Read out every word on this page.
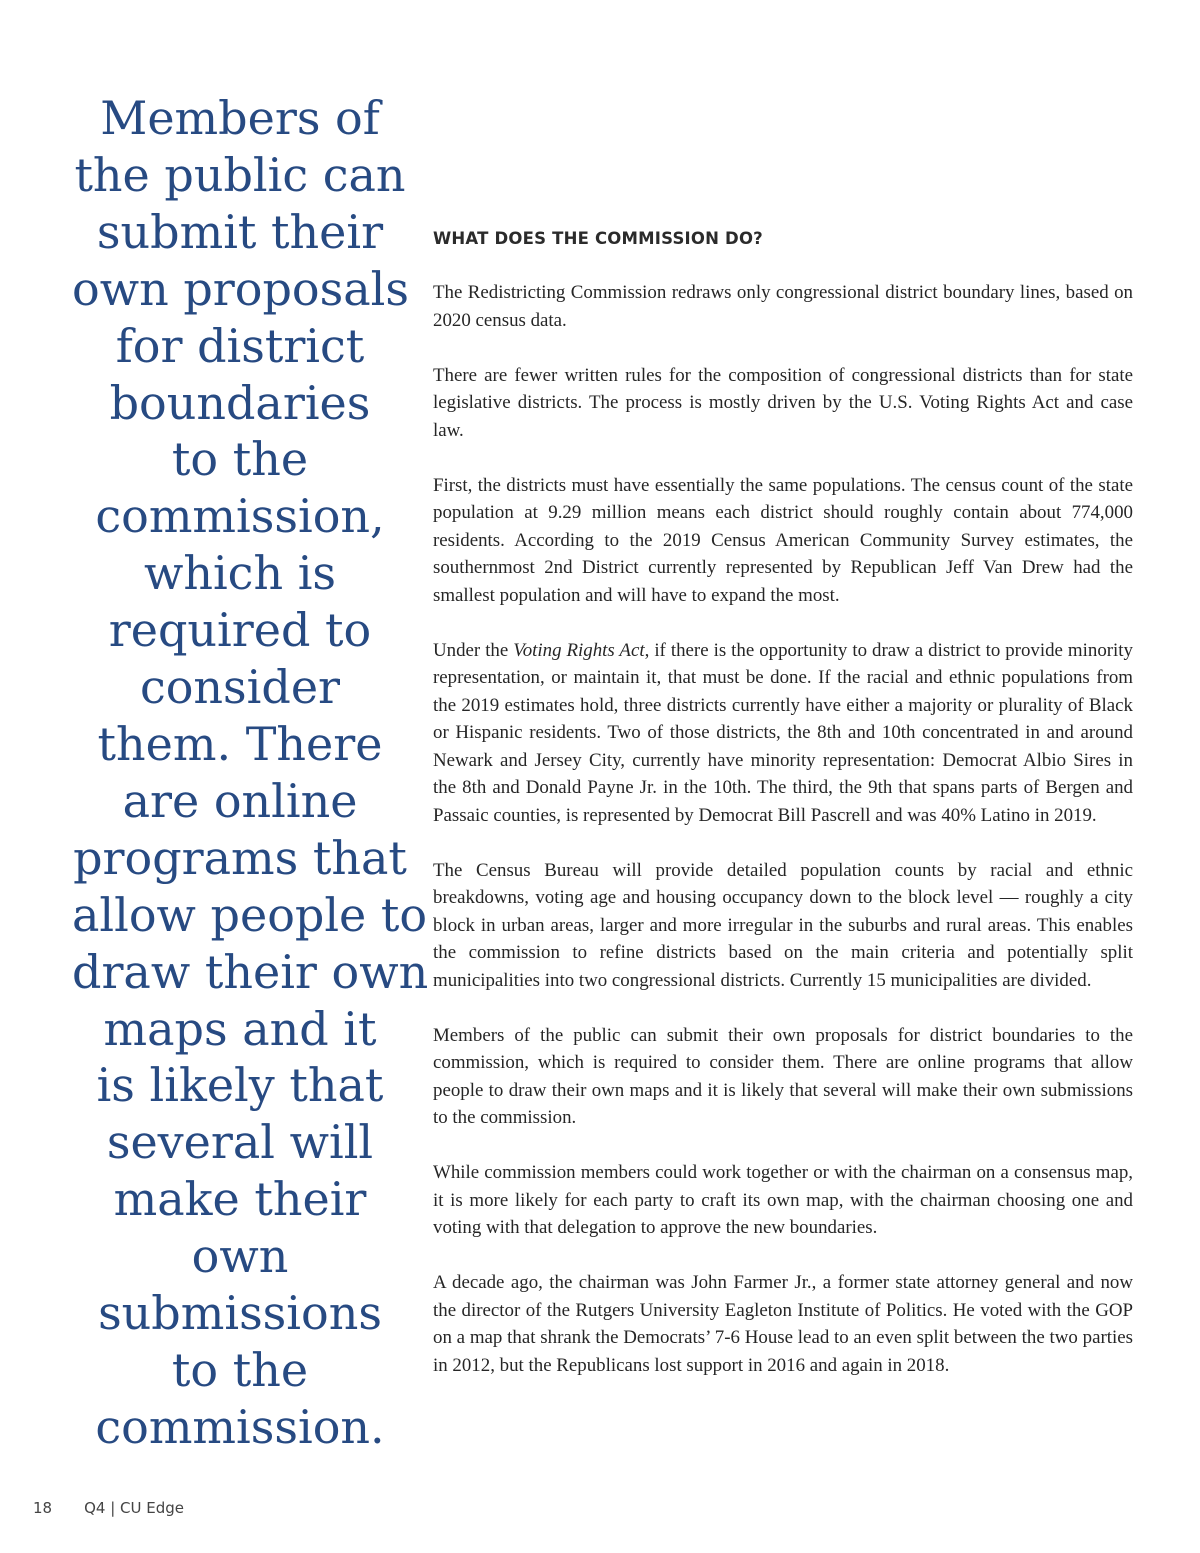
Members of
the public can
submit their
own proposals
for district
boundaries
to the
commission,
which is
required to
consider
them. There
are online
programs that
allow people to
draw their own
maps and it
is likely that
several will
make their
own
submissions
to the
commission.
WHAT DOES THE COMMISSION DO?

The Redistricting Commission redraws only congressional district boundary lines, based on 2020 census data.

There are fewer written rules for the composition of congressional districts than for state legislative districts. The process is mostly driven by the U.S. Voting Rights Act and case law.

First, the districts must have essentially the same populations. The census count of the state population at 9.29 million means each district should roughly contain about 774,000 residents. According to the 2019 Census American Community Survey estimates, the southernmost 2nd District currently represented by Republican Jeff Van Drew had the smallest population and will have to expand the most.

Under the Voting Rights Act, if there is the opportunity to draw a district to provide minority representation, or maintain it, that must be done. If the racial and ethnic populations from the 2019 estimates hold, three districts currently have either a majority or plurality of Black or Hispanic residents. Two of those districts, the 8th and 10th concentrated in and around Newark and Jersey City, currently have minority representation: Democrat Albio Sires in the 8th and Donald Payne Jr. in the 10th. The third, the 9th that spans parts of Bergen and Passaic counties, is represented by Democrat Bill Pascrell and was 40% Latino in 2019.

The Census Bureau will provide detailed population counts by racial and ethnic breakdowns, voting age and housing occupancy down to the block level — roughly a city block in urban areas, larger and more irregular in the suburbs and rural areas. This enables the commission to refine districts based on the main criteria and potentially split municipalities into two congressional districts. Currently 15 municipalities are divided.

Members of the public can submit their own proposals for district boundaries to the commission, which is required to consider them. There are online programs that allow people to draw their own maps and it is likely that several will make their own submissions to the commission.

While commission members could work together or with the chairman on a consensus map, it is more likely for each party to craft its own map, with the chairman choosing one and voting with that delegation to approve the new boundaries.

A decade ago, the chairman was John Farmer Jr., a former state attorney general and now the director of the Rutgers University Eagleton Institute of Politics. He voted with the GOP on a map that shrank the Democrats’ 7-6 House lead to an even split between the two parties in 2012, but the Republicans lost support in 2016 and again in 2018.

18 Q4 | CU Edge
